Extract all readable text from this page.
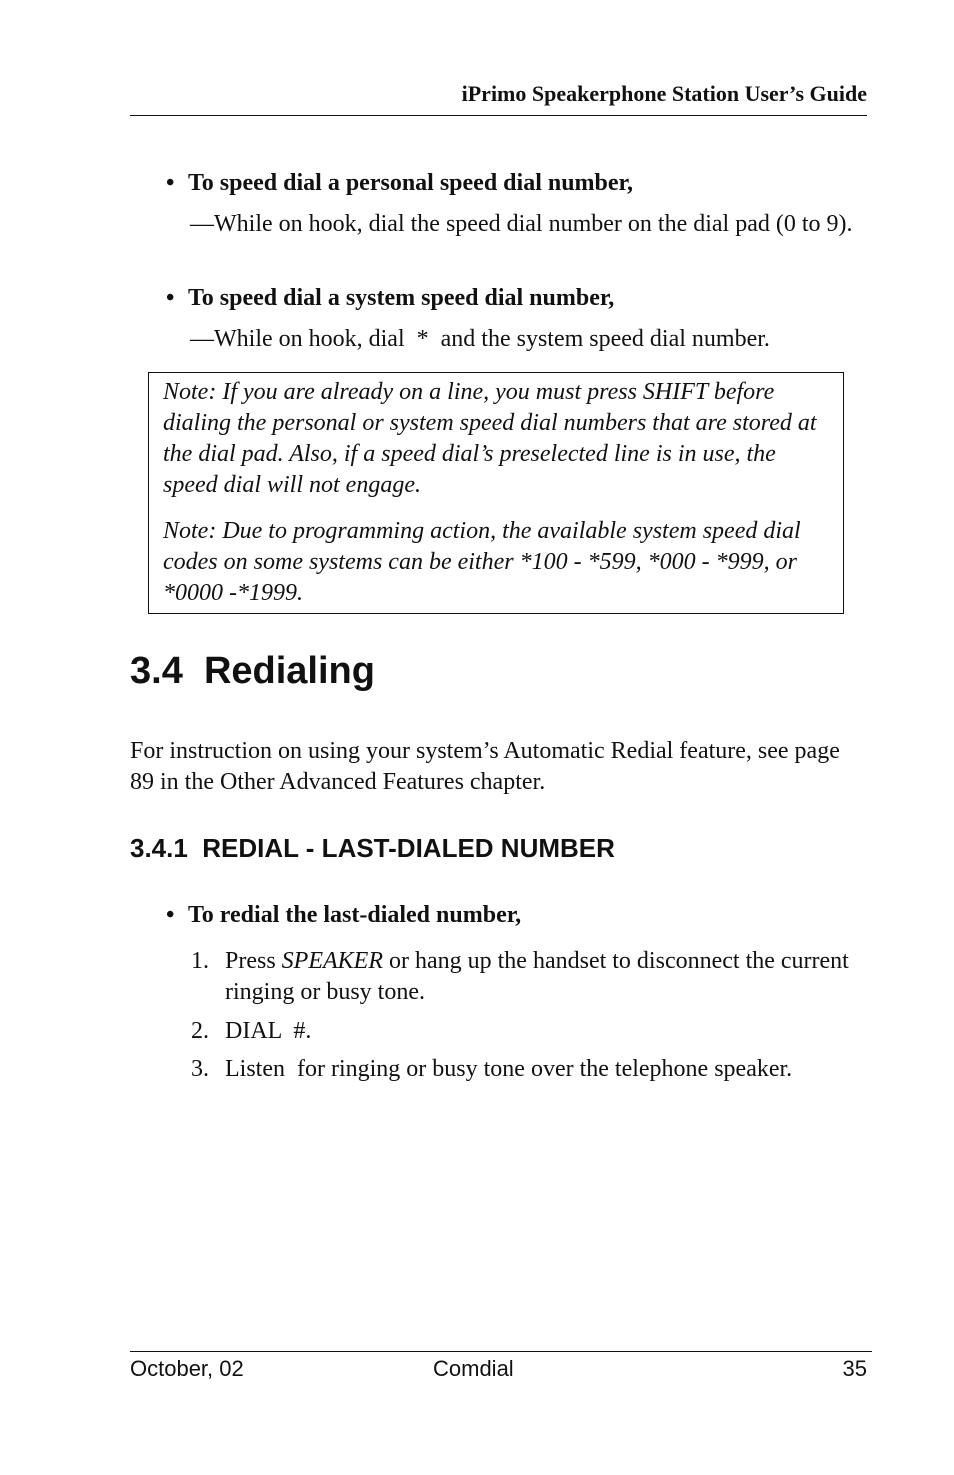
iPrimo Speakerphone Station User’s Guide
• To speed dial a personal speed dial number,
—While on hook, dial the speed dial number on the dial pad (0 to 9).
• To speed dial a system speed dial number,
—While on hook, dial  *  and the system speed dial number.

Note: If you are already on a line, you must press SHIFT before dialing the personal or system speed dial numbers that are stored at the dial pad. Also, if a speed dial’s preselected line is in use, the speed dial will not engage.

Note: Due to programming action, the available system speed dial codes on some systems can be either *100 - *599, *000 - *999, or *0000 -*1999.

3.4  Redialing
For instruction on using your system’s Automatic Redial feature, see page 89 in the Other Advanced Features chapter.
3.4.1  REDIAL - LAST-DIALED NUMBER
• To redial the last-dialed number,
1. Press SPEAKER or hang up the handset to disconnect the current ringing or busy tone.
2. DIAL  #.
3. Listen  for ringing or busy tone over the telephone speaker.
October, 02	Comdial	35
